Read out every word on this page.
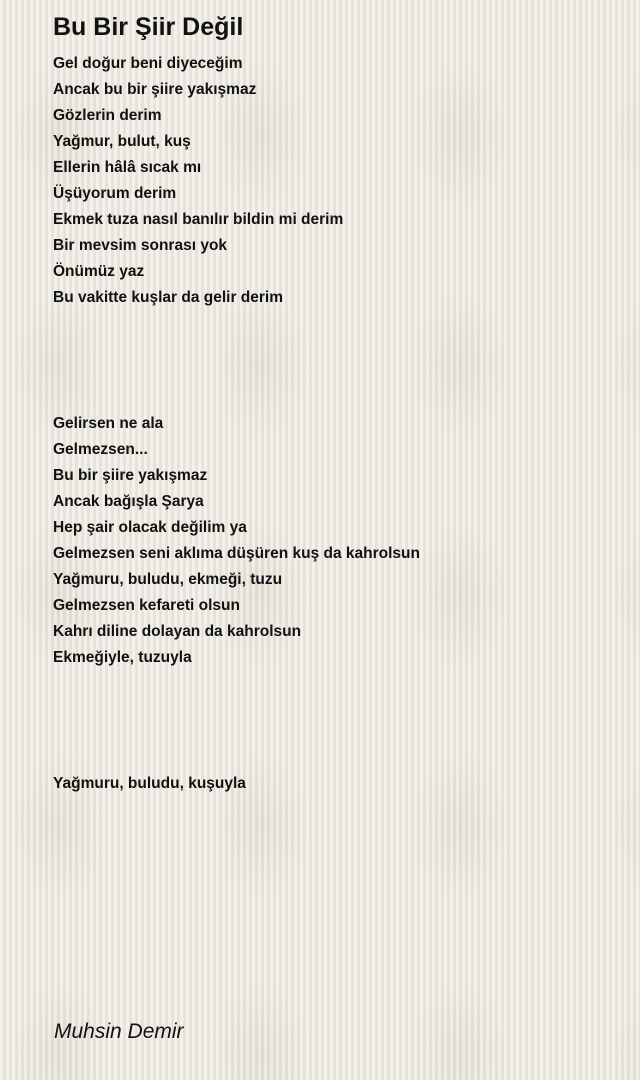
Bu Bir Şiir Değil
Gel doğur beni diyeceğim
Ancak bu bir şiire yakışmaz
Gözlerin derim
Yağmur, bulut, kuş
Ellerin hâlâ sıcak mı
Üşüyorum derim
Ekmek tuza nasıl banılır bildin mi derim
Bir mevsim sonrası yok
Önümüz yaz
Bu vakitte kuşlar da gelir derim
Gelirsen ne ala
Gelmezsen...
Bu bir şiire yakışmaz
Ancak bağışla Şarya
Hep şair olacak değilim ya
Gelmezsen seni aklıma düşüren kuş da kahrolsun
Yağmuru, buludu, ekmeği, tuzu
Gelmezsen kefareti olsun
Kahrı diline dolayan da kahrolsun
Ekmeğiyle, tuzuyla
Yağmuru, buludu, kuşuyla

Muhsin Demir
